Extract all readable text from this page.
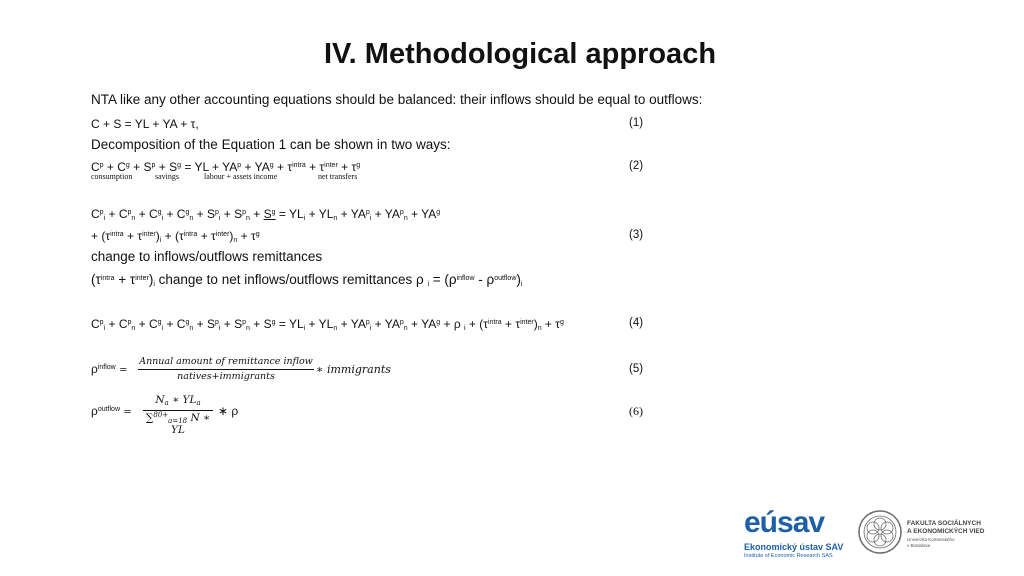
IV. Methodological approach
NTA like any other accounting equations should be balanced: their inflows should be equal to outflows:
C + S = YL + YA + τ,	(1)
Decomposition of the Equation 1 can be shown in two ways:
$C^p + C^g + S^p + S^g$ = YL + $YA^p + YA^g + \tau^{intra} + \tau^{inter} + \tau^g$	(2)
consumption	savings	labour + assets income	net transfers
$C^p_i + C^p_n + C^g_i + C^g_n + S^p_i + S^p_n + S^g = YL_i + YL_n + YA^p_i + YA^p_n + YA^g$
+ $(\tau^{intra} + \tau^{inter})_i + (\tau^{intra} + \tau^{inter})_n + \tau^g$	(3)
change to inflows/outflows remittances
$(\tau^{intra} + \tau^{inter})_i$ change to net inflows/outflows remittances ρ $_i = (\rho^{inflow} - \rho^{outflow})_i$
$C^p_i + C^p_n + C^g_i + C^g_n + S^p_i + S^p_n + S^g = YL_i + YL_n + YA^p_i + YA^p_n + YA^g + \rho$ $_i + (\tau^{intra} + \tau^{inter})_n + \tau^g$	(4)
$\rho^{inflow}$ =
Annual amount of remittance inflow
natives+immigrants
∗ immigrants	(5)
$\rho^{outflow}$ =
$N_a$ ∗ $YL_a$
∑$^{80+}_{a=18}$ N ∗ YL
∗ ρ	(6)
eúsav
Ekonomický ústav SAV
Institute of Economic Research SAS
FAKULTA SOCIÁLNYCH
A EKONOMICKÝCH VIED
Univerzita Komenského
v Bratislave
